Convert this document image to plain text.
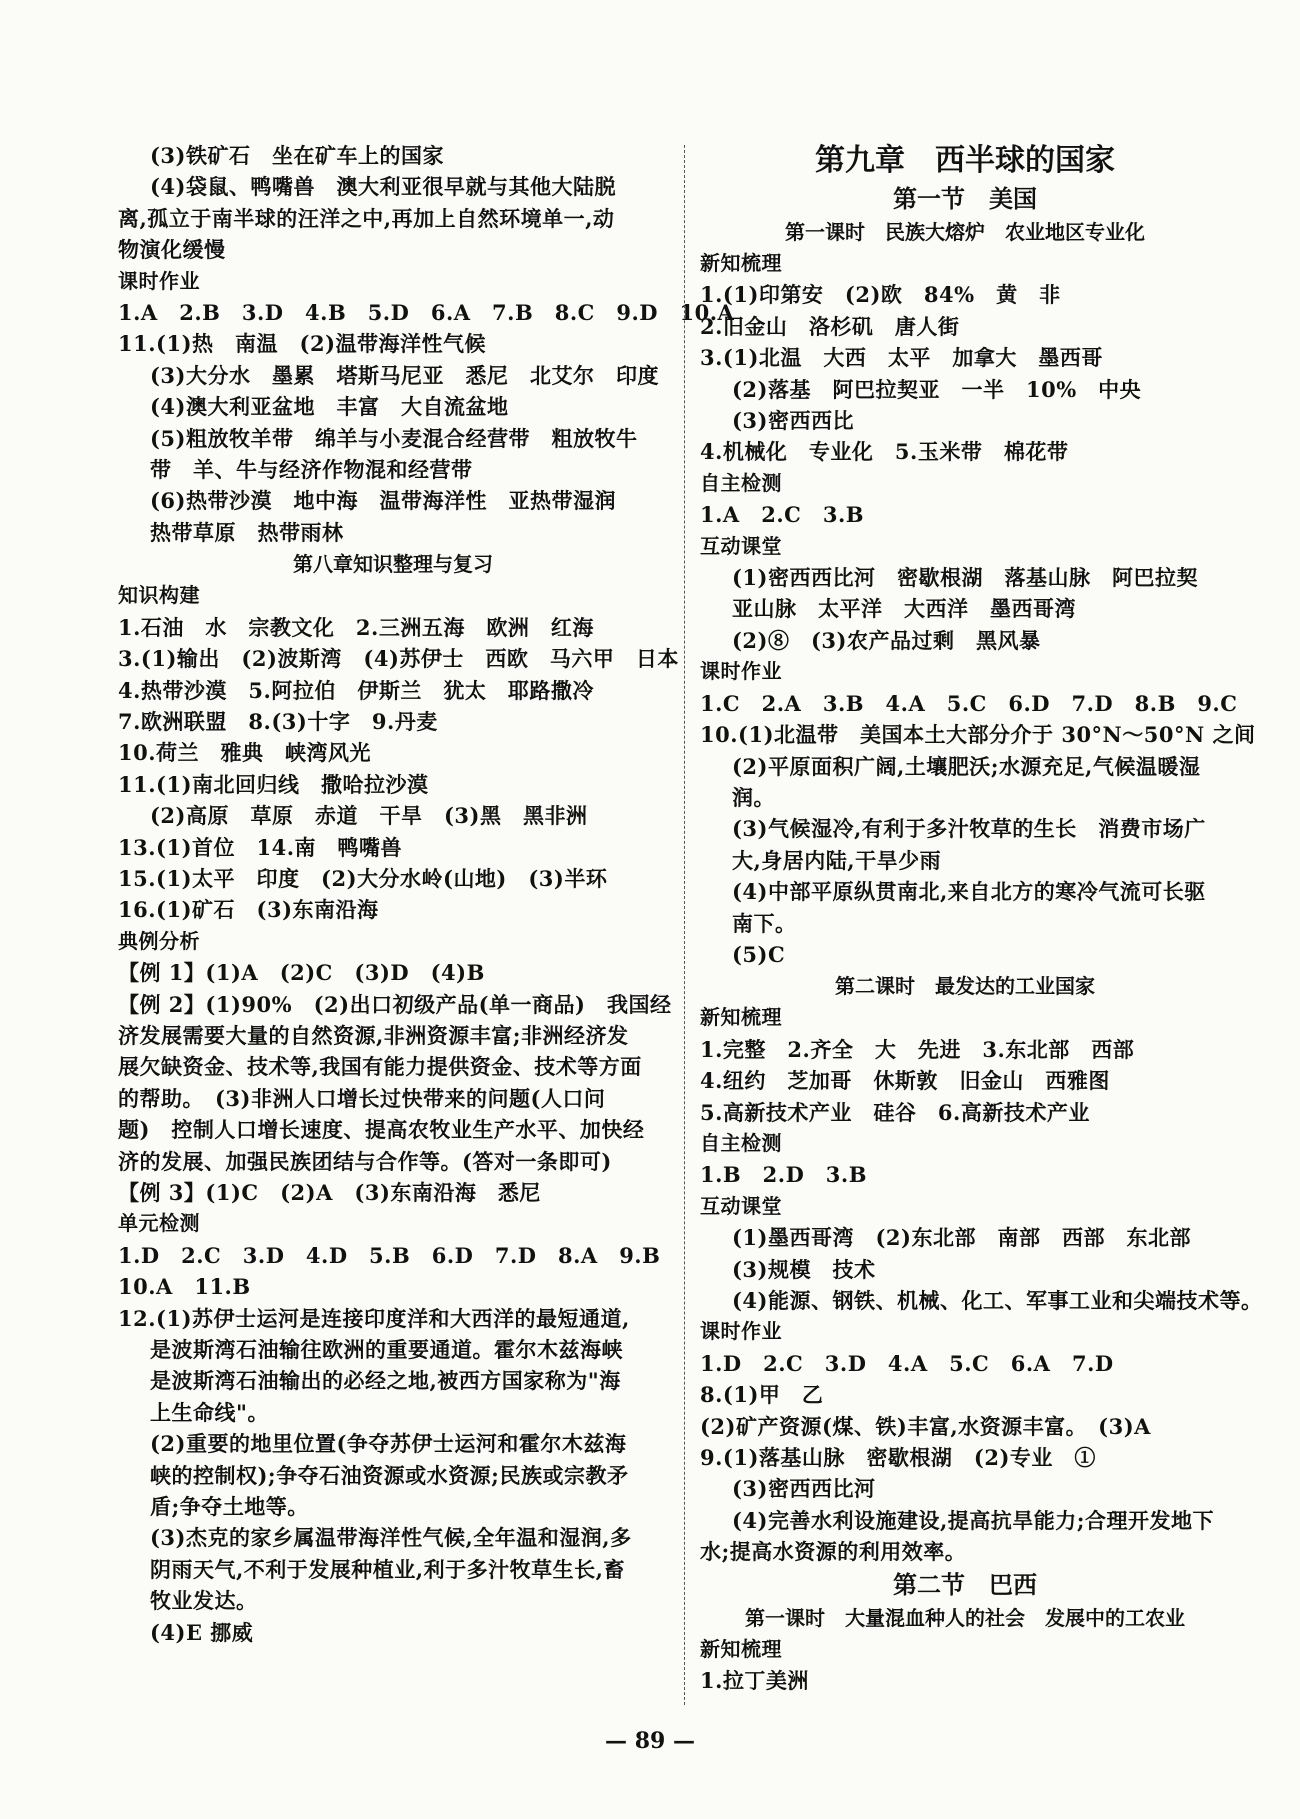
(3)铁矿石　坐在矿车上的国家
(4)袋鼠、鸭嘴兽　澳大利亚很早就与其他大陆脱
离,孤立于南半球的汪洋之中,再加上自然环境单一,动
物演化缓慢
课时作业
1.A　2.B　3.D　4.B　5.D　6.A　7.B　8.C　9.D　10.A
11.(1)热　南温　(2)温带海洋性气候
(3)大分水　墨累　塔斯马尼亚　悉尼　北艾尔　印度
(4)澳大利亚盆地　丰富　大自流盆地
(5)粗放牧羊带　绵羊与小麦混合经营带　粗放牧牛
带　羊、牛与经济作物混和经营带
(6)热带沙漠　地中海　温带海洋性　亚热带湿润
热带草原　热带雨林
第八章知识整理与复习
知识构建
1.石油　水　宗教文化　2.三洲五海　欧洲　红海
3.(1)输出　(2)波斯湾　(4)苏伊士　西欧　马六甲　日本
4.热带沙漠　5.阿拉伯　伊斯兰　犹太　耶路撒冷
7.欧洲联盟　8.(3)十字　9.丹麦
10.荷兰　雅典　峡湾风光
11.(1)南北回归线　撒哈拉沙漠
(2)高原　草原　赤道　干旱　(3)黑　黑非洲
13.(1)首位　14.南　鸭嘴兽
15.(1)太平　印度　(2)大分水岭(山地)　(3)半环
16.(1)矿石　(3)东南沿海
典例分析
【例 1】(1)A　(2)C　(3)D　(4)B
【例 2】(1)90%　(2)出口初级产品(单一商品)　我国经
济发展需要大量的自然资源,非洲资源丰富;非洲经济发
展欠缺资金、技术等,我国有能力提供资金、技术等方面
的帮助。　(3)非洲人口增长过快带来的问题(人口问
题)　控制人口增长速度、提高农牧业生产水平、加快经
济的发展、加强民族团结与合作等。(答对一条即可)
【例 3】(1)C　(2)A　(3)东南沿海　悉尼
单元检测
1.D　2.C　3.D　4.D　5.B　6.D　7.D　8.A　9.B
10.A　11.B
12.(1)苏伊士运河是连接印度洋和大西洋的最短通道,
是波斯湾石油输往欧洲的重要通道。霍尔木兹海峡
是波斯湾石油输出的必经之地,被西方国家称为"海
上生命线"。
(2)重要的地里位置(争夺苏伊士运河和霍尔木兹海
峡的控制权);争夺石油资源或水资源;民族或宗教矛
盾;争夺土地等。
(3)杰克的家乡属温带海洋性气候,全年温和湿润,多
阴雨天气,不利于发展种植业,利于多汁牧草生长,畜
牧业发达。
(4)E 挪威
第九章　西半球的国家
第一节　美国
第一课时　民族大熔炉　农业地区专业化
新知梳理
1.(1)印第安　(2)欧　84%　黄　非
2.旧金山　洛杉矶　唐人街
3.(1)北温　大西　太平　加拿大　墨西哥
(2)落基　阿巴拉契亚　一半　10%　中央
(3)密西西比
4.机械化　专业化　5.玉米带　棉花带
自主检测
1.A　2.C　3.B
互动课堂
(1)密西西比河　密歇根湖　落基山脉　阿巴拉契
亚山脉　太平洋　大西洋　墨西哥湾
(2)⑧　(3)农产品过剩　黑风暴
课时作业
1.C　2.A　3.B　4.A　5.C　6.D　7.D　8.B　9.C
10.(1)北温带　美国本土大部分介于 30°N～50°N 之间
(2)平原面积广阔,土壤肥沃;水源充足,气候温暖湿
润。
(3)气候湿冷,有利于多汁牧草的生长　消费市场广
大,身居内陆,干旱少雨
(4)中部平原纵贯南北,来自北方的寒冷气流可长驱
南下。
(5)C
第二课时　最发达的工业国家
新知梳理
1.完整　2.齐全　大　先进　3.东北部　西部
4.纽约　芝加哥　休斯敦　旧金山　西雅图
5.高新技术产业　硅谷　6.高新技术产业
自主检测
1.B　2.D　3.B
互动课堂
(1)墨西哥湾　(2)东北部　南部　西部　东北部
(3)规模　技术
(4)能源、钢铁、机械、化工、军事工业和尖端技术等。
课时作业
1.D　2.C　3.D　4.A　5.C　6.A　7.D
8.(1)甲　乙
(2)矿产资源(煤、铁)丰富,水资源丰富。　(3)A
9.(1)落基山脉　密歇根湖　(2)专业　①
(3)密西西比河
(4)完善水利设施建设,提高抗旱能力;合理开发地下
水;提高水资源的利用效率。
第二节　巴西
第一课时　大量混血种人的社会　发展中的工农业
新知梳理
1.拉丁美洲
— 89 —
